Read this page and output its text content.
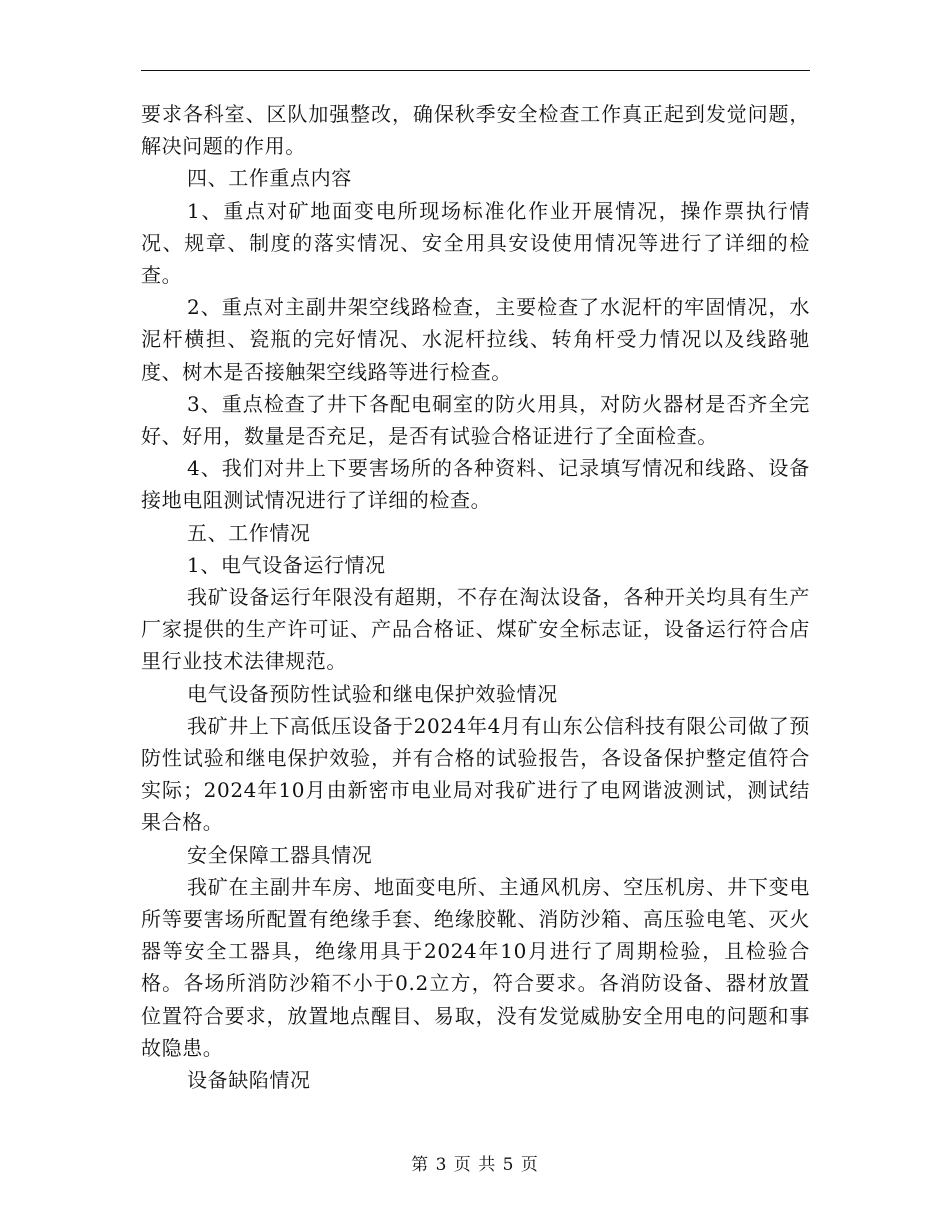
要求各科室、区队加强整改，确保秋季安全检查工作真正起到发觉问题，解决问题的作用。

四、工作重点内容

1、重点对矿地面变电所现场标准化作业开展情况，操作票执行情况、规章、制度的落实情况、安全用具安设使用情况等进行了详细的检查。

2、重点对主副井架空线路检查，主要检查了水泥杆的牢固情况，水泥杆横担、瓷瓶的完好情况、水泥杆拉线、转角杆受力情况以及线路驰度、树木是否接触架空线路等进行检查。

3、重点检查了井下各配电硐室的防火用具，对防火器材是否齐全完好、好用，数量是否充足，是否有试验合格证进行了全面检查。

4、我们对井上下要害场所的各种资料、记录填写情况和线路、设备接地电阻测试情况进行了详细的检查。

五、工作情况

1、电气设备运行情况

我矿设备运行年限没有超期，不存在淘汰设备，各种开关均具有生产厂家提供的生产许可证、产品合格证、煤矿安全标志证，设备运行符合店里行业技术法律规范。

电气设备预防性试验和继电保护效验情况

我矿井上下高低压设备于2024年4月有山东公信科技有限公司做了预防性试验和继电保护效验，并有合格的试验报告，各设备保护整定值符合实际；2024年10月由新密市电业局对我矿进行了电网谐波测试，测试结果合格。

安全保障工器具情况

我矿在主副井车房、地面变电所、主通风机房、空压机房、井下变电所等要害场所配置有绝缘手套、绝缘胶靴、消防沙箱、高压验电笔、灭火器等安全工器具，绝缘用具于2024年10月进行了周期检验，且检验合格。各场所消防沙箱不小于0.2立方，符合要求。各消防设备、器材放置位置符合要求，放置地点醒目、易取，没有发觉威胁安全用电的问题和事故隐患。

设备缺陷情况

第 3 页 共 5 页
